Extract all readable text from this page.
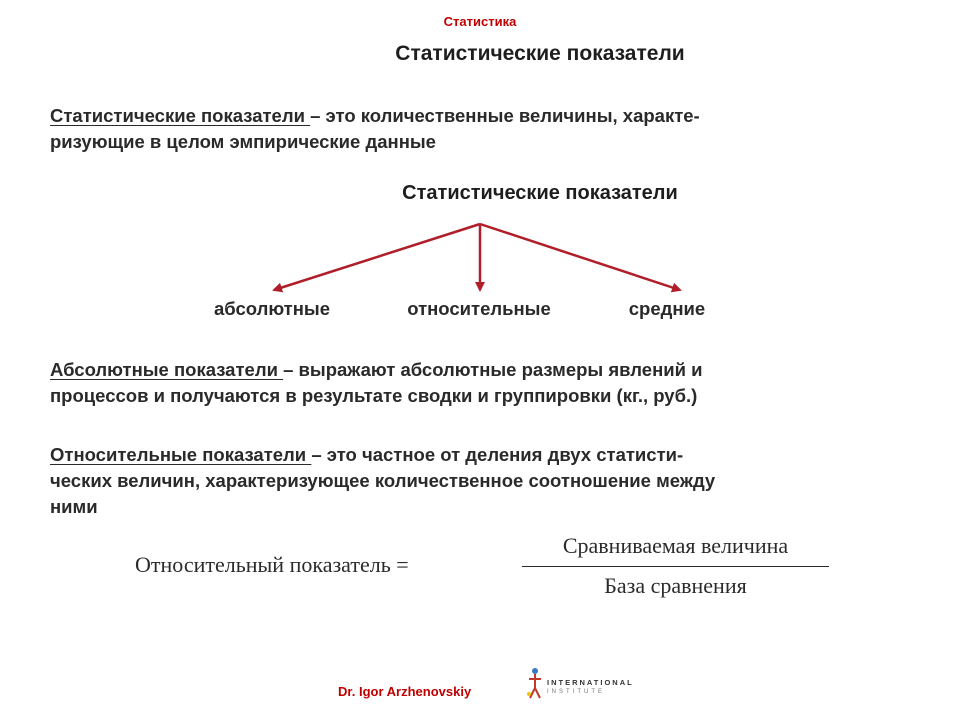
Статистика
Статистические показатели
Статистические показатели – это количественные величины, характе-
ризующие в целом эмпирические данные
Статистические показатели
абсолютные	относительные	средние
Абсолютные показатели – выражают абсолютные размеры явлений и
процессов и получаются в результате сводки и группировки (кг., руб.)
Относительные показатели – это частное от деления двух статисти-
ческих величин, характеризующее количественное соотношение между
ними
Относительный показатель =
Сравниваемая величина
База сравнения
Dr. Igor Arzhenovskiy
INTERNATIONAL
INSTITUTE
